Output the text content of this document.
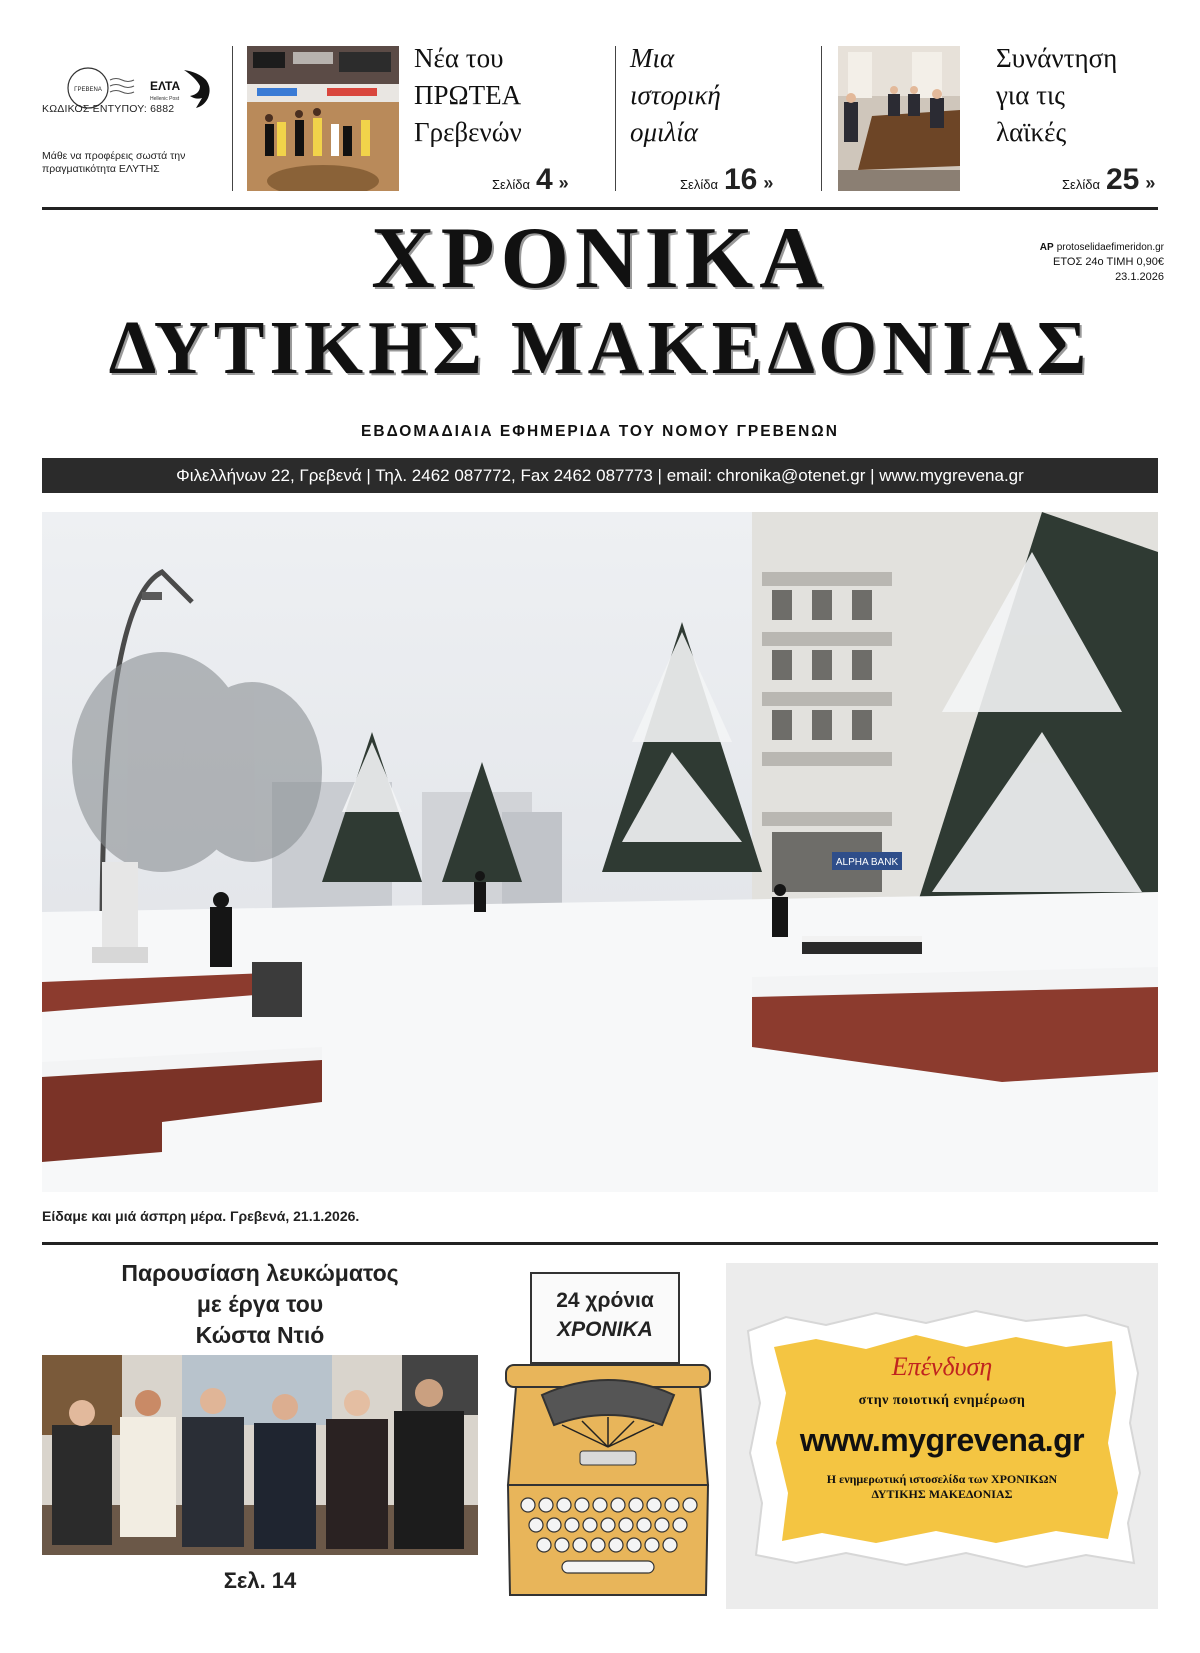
ΓΡΕΒΕΝΑ	ΕΛΤΑ
Hellenic Post
ΚΩΔΙΚΟΣ ΕΝΤΥΠΟΥ: 6882
Μάθε να προφέρεις σωστά την πραγματικότητα ΕΛΥΤΗΣ
Νέα του
ΠΡΩΤΕΑ
Γρεβενών
Σελίδα 4 »
Μια
ιστορική
ομιλία
Σελίδα 16 »
Συνάντηση
για τις
λαϊκές
Σελίδα 25 »
ΧΡΟΝΙΚΑ
ΔΥΤΙΚΗΣ ΜΑΚΕΔΟΝΙΑΣ
ΑΡ protoselidaefimeridon.gr
ΕΤΟΣ 24ο ΤΙΜΗ 0,90€
23.1.2026
ΕΒΔΟΜΑΔΙΑΙΑ ΕΦΗΜΕΡΙΔΑ ΤΟΥ ΝΟΜΟΥ ΓΡΕΒΕΝΩΝ
Φιλελλήνων 22, Γρεβενά | Τηλ. 2462 087772, Fax 2462 087773 | email: chronika@otenet.gr | www.mygrevena.gr
ALPHA BANK
Είδαμε και μιά άσπρη μέρα. Γρεβενά, 21.1.2026.
Παρουσίαση λευκώματος
με έργα του
Κώστα Ντιό
Σελ. 14
24 χρόνια
ΧΡΟΝΙΚΑ
Επένδυση
στην ποιοτική ενημέρωση
www.mygrevena.gr
Η ενημερωτική ιστοσελίδα των ΧΡΟΝΙΚΩΝ ΔΥΤΙΚΗΣ ΜΑΚΕΔΟΝΙΑΣ
